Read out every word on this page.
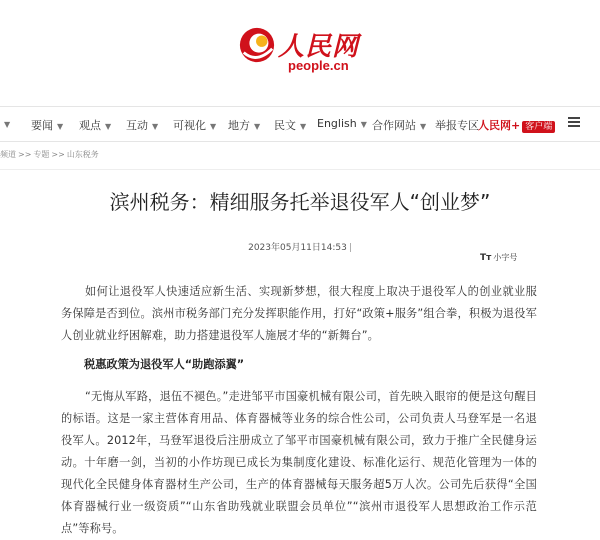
人民网
people.cn
▼ 要闻 ▼ 观点 ▼ 互动 ▼ 可视化 ▼ 地方 ▼ 民文 ▼ English ▼ 合作网站 ▼ 举报专区 人民网+ 客户端
频道 >> 专题 >> 山东税务
滨州税务：精细服务托举退役军人“创业梦”
2023年05月11日14:53 |
Tт 小字号

如何让退役军人快速适应新生活、实现新梦想，很大程度上取决于退役军人的创业就业服务保障是否到位。滨州市税务部门充分发挥职能作用，打好“政策+服务”组合拳，积极为退役军人创业就业纾困解难，助力搭建退役军人施展才华的“新舞台”。

税惠政策为退役军人“助跑添翼”

“无悔从军路，退伍不褪色。”走进邹平市国豪机械有限公司，首先映入眼帘的便是这句醒目的标语。这是一家主营体育用品、体育器械等业务的综合性公司，公司负责人马登军是一名退役军人。2012年，马登军退役后注册成立了邹平市国豪机械有限公司，致力于推广全民健身运动。十年磨一剑，当初的小作坊现已成长为集制度化建设、标准化运行、规范化管理为一体的现代化全民健身体育器材生产公司，生产的体育器械每天服务超5万人次。公司先后获得“全国体育器械行业一级资质”“山东省助残就业联盟会员单位”“滨州市退役军人思想政治工作示范点”等称号。
